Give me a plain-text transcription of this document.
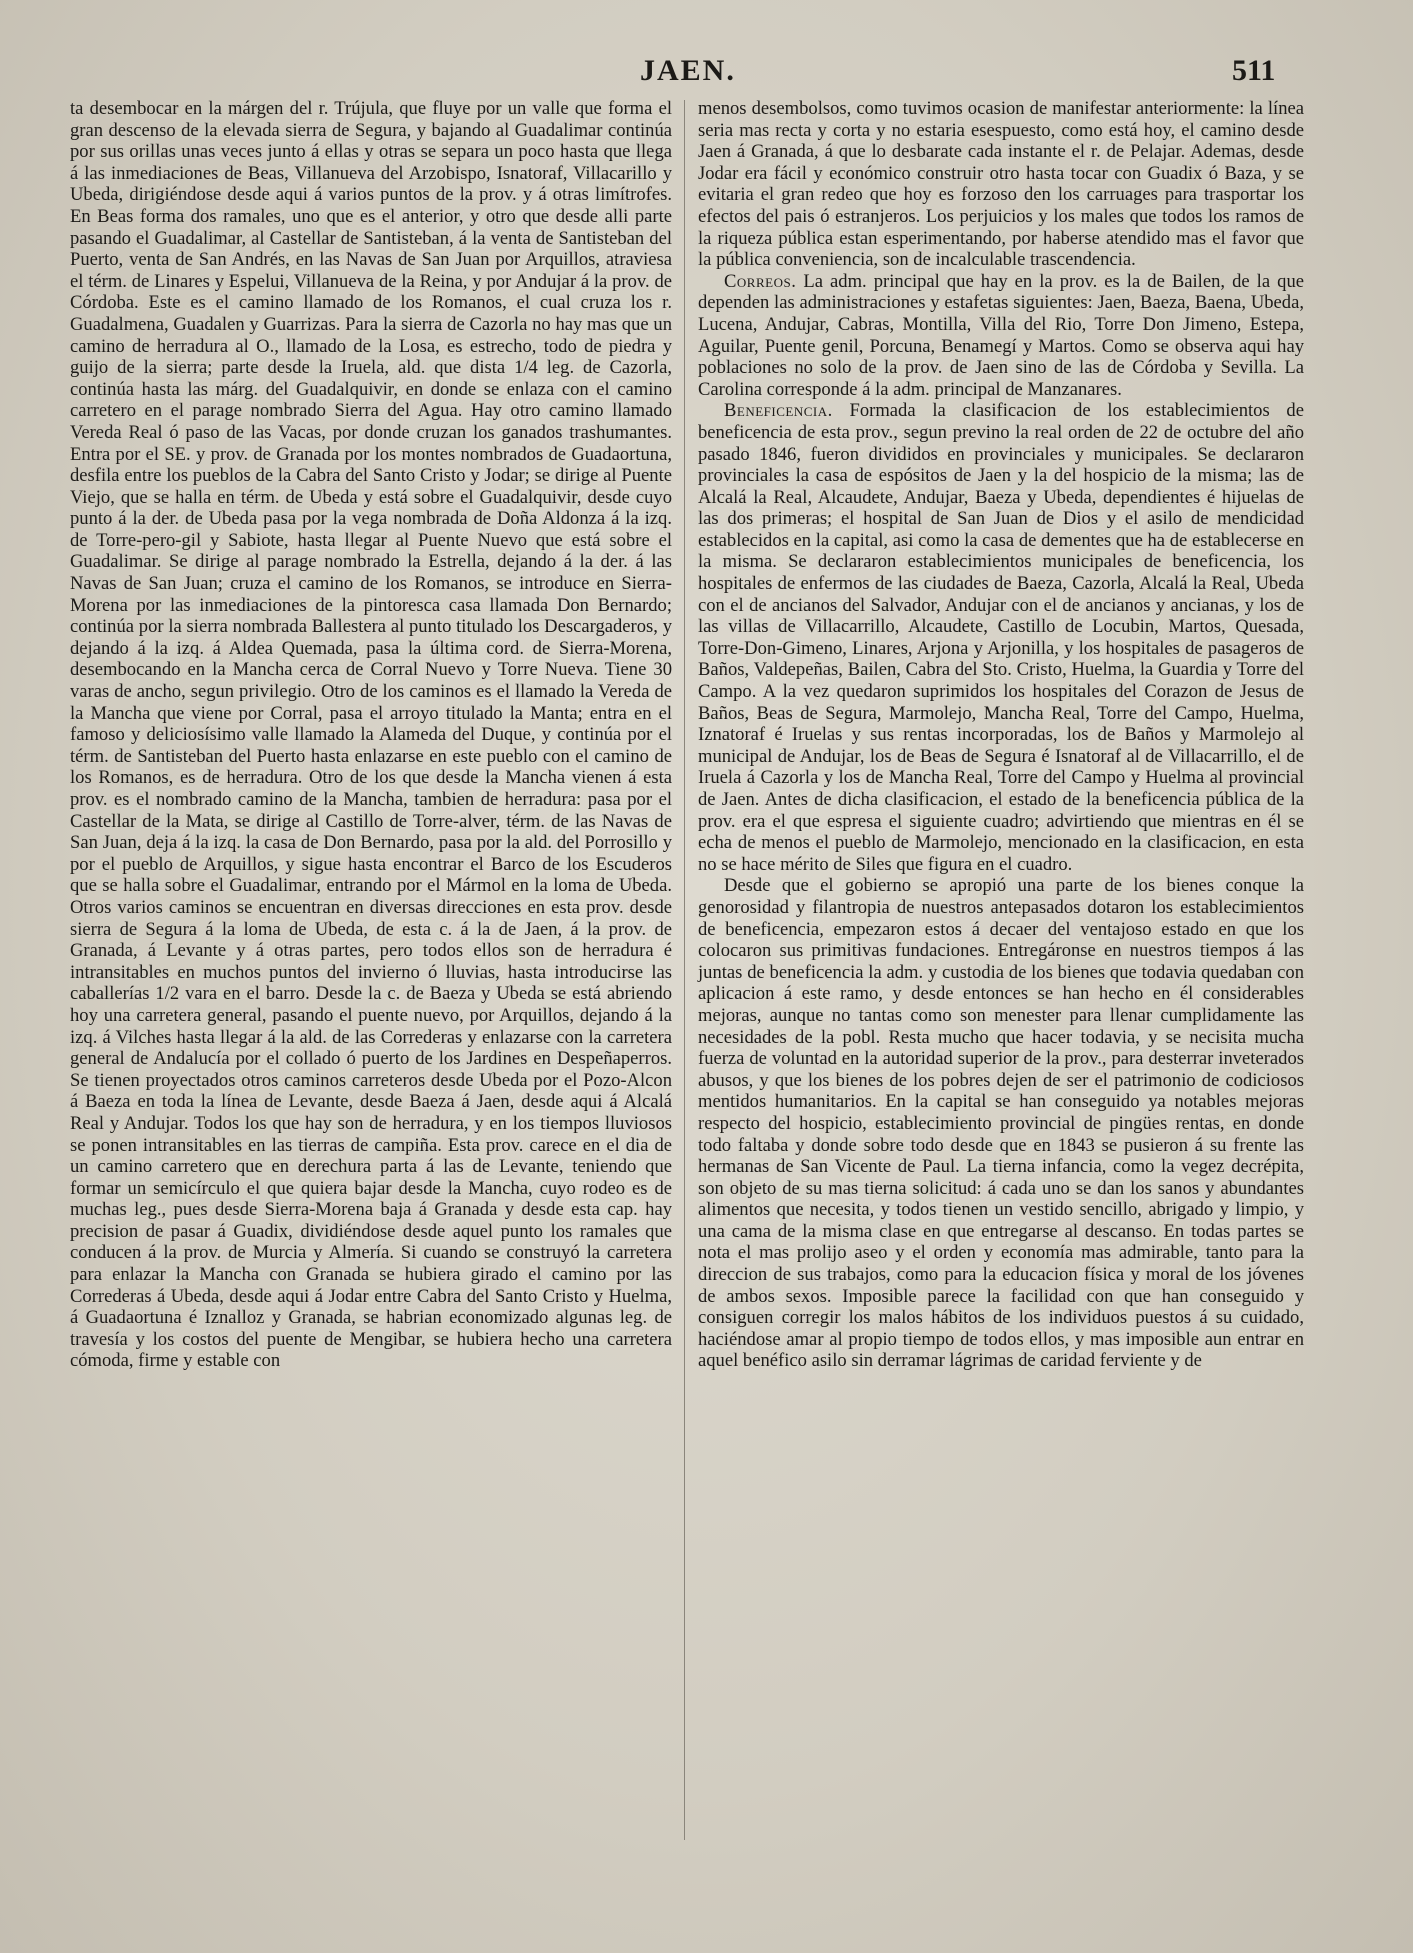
JAEN.	511

ta desembocar en la márgen del r. Trújula, que fluye por un valle que forma el gran descenso de la elevada sierra de Segura, y bajando al Guadalimar continúa por sus orillas unas veces junto á ellas y otras se separa un poco hasta que llega á las inmediaciones de Beas, Villanueva del Arzobispo, Isnatoraf, Villacarillo y Ubeda, dirigiéndose desde aqui á varios puntos de la prov. y á otras limítrofes. En Beas forma dos ramales, uno que es el anterior, y otro que desde alli parte pasando el Guadalimar, al Castellar de Santisteban, á la venta de Santisteban del Puerto, venta de San Andrés, en las Navas de San Juan por Arquillos, atraviesa el térm. de Linares y Espelui, Villanueva de la Reina, y por Andujar á la prov. de Córdoba. Este es el camino llamado de los Romanos, el cual cruza los r. Guadalmena, Guadalen y Guarrizas. Para la sierra de Cazorla no hay mas que un camino de herradura al O., llamado de la Losa, es estrecho, todo de piedra y guijo de la sierra; parte desde la Iruela, ald. que dista 1/4 leg. de Cazorla, continúa hasta las márg. del Guadalquivir, en donde se enlaza con el camino carretero en el parage nombrado Sierra del Agua. Hay otro camino llamado Vereda Real ó paso de las Vacas, por donde cruzan los ganados trashumantes. Entra por el SE. y prov. de Granada por los montes nombrados de Guadaortuna, desfila entre los pueblos de la Cabra del Santo Cristo y Jodar; se dirige al Puente Viejo, que se halla en térm. de Ubeda y está sobre el Guadalquivir, desde cuyo punto á la der. de Ubeda pasa por la vega nombrada de Doña Aldonza á la izq. de Torre-pero-gil y Sabiote, hasta llegar al Puente Nuevo que está sobre el Guadalimar. Se dirige al parage nombrado la Estrella, dejando á la der. á las Navas de San Juan; cruza el camino de los Romanos, se introduce en Sierra-Morena por las inmediaciones de la pintoresca casa llamada Don Bernardo; continúa por la sierra nombrada Ballestera al punto titulado los Descargaderos, y dejando á la izq. á Aldea Quemada, pasa la última cord. de Sierra-Morena, desembocando en la Mancha cerca de Corral Nuevo y Torre Nueva. Tiene 30 varas de ancho, segun privilegio. Otro de los caminos es el llamado la Vereda de la Mancha que viene por Corral, pasa el arroyo titulado la Manta; entra en el famoso y deliciosísimo valle llamado la Alameda del Duque, y continúa por el térm. de Santisteban del Puerto hasta enlazarse en este pueblo con el camino de los Romanos, es de herradura. Otro de los que desde la Mancha vienen á esta prov. es el nombrado camino de la Mancha, tambien de herradura: pasa por el Castellar de la Mata, se dirige al Castillo de Torre-alver, térm. de las Navas de San Juan, deja á la izq. la casa de Don Bernardo, pasa por la ald. del Porrosillo y por el pueblo de Arquillos, y sigue hasta encontrar el Barco de los Escuderos que se halla sobre el Guadalimar, entrando por el Mármol en la loma de Ubeda. Otros varios caminos se encuentran en diversas direcciones en esta prov. desde sierra de Segura á la loma de Ubeda, de esta c. á la de Jaen, á la prov. de Granada, á Levante y á otras partes, pero todos ellos son de herradura é intransitables en muchos puntos del invierno ó lluvias, hasta introducirse las caballerías 1/2 vara en el barro. Desde la c. de Baeza y Ubeda se está abriendo hoy una carretera general, pasando el puente nuevo, por Arquillos, dejando á la izq. á Vilches hasta llegar á la ald. de las Correderas y enlazarse con la carretera general de Andalucía por el collado ó puerto de los Jardines en Despeñaperros. Se tienen proyectados otros caminos carreteros desde Ubeda por el Pozo-Alcon á Baeza en toda la línea de Levante, desde Baeza á Jaen, desde aqui á Alcalá Real y Andujar. Todos los que hay son de herradura, y en los tiempos lluviosos se ponen intransitables en las tierras de campiña. Esta prov. carece en el dia de un camino carretero que en derechura parta á las de Levante, teniendo que formar un semicírculo el que quiera bajar desde la Mancha, cuyo rodeo es de muchas leg., pues desde Sierra-Morena baja á Granada y desde esta cap. hay precision de pasar á Guadix, dividiéndose desde aquel punto los ramales que conducen á la prov. de Murcia y Almería. Si cuando se construyó la carretera para enlazar la Mancha con Granada se hubiera girado el camino por las Correderas á Ubeda, desde aqui á Jodar entre Cabra del Santo Cristo y Huelma, á Guadaortuna é Iznalloz y Granada, se habrian economizado algunas leg. de travesía y los costos del puente de Mengibar, se hubiera hecho una carretera cómoda, firme y estable con

menos desembolsos, como tuvimos ocasion de manifestar anteriormente: la línea seria mas recta y corta y no estaria esespuesto, como está hoy, el camino desde Jaen á Granada, á que lo desbarate cada instante el r. de Pelajar. Ademas, desde Jodar era fácil y económico construir otro hasta tocar con Guadix ó Baza, y se evitaria el gran redeo que hoy es forzoso den los carruages para trasportar los efectos del pais ó estranjeros. Los perjuicios y los males que todos los ramos de la riqueza pública estan esperimentando, por haberse atendido mas el favor que la pública conveniencia, son de incalculable trascendencia.

Correos. La adm. principal que hay en la prov. es la de Bailen, de la que dependen las administraciones y estafetas siguientes: Jaen, Baeza, Baena, Ubeda, Lucena, Andujar, Cabras, Montilla, Villa del Rio, Torre Don Jimeno, Estepa, Aguilar, Puente genil, Porcuna, Benamegí y Martos. Como se observa aqui hay poblaciones no solo de la prov. de Jaen sino de las de Córdoba y Sevilla. La Carolina corresponde á la adm. principal de Manzanares.

Beneficencia. Formada la clasificacion de los establecimientos de beneficencia de esta prov., segun previno la real orden de 22 de octubre del año pasado 1846, fueron divididos en provinciales y municipales. Se declararon provinciales la casa de espósitos de Jaen y la del hospicio de la misma; las de Alcalá la Real, Alcaudete, Andujar, Baeza y Ubeda, dependientes é hijuelas de las dos primeras; el hospital de San Juan de Dios y el asilo de mendicidad establecidos en la capital, asi como la casa de dementes que ha de establecerse en la misma. Se declararon establecimientos municipales de beneficencia, los hospitales de enfermos de las ciudades de Baeza, Cazorla, Alcalá la Real, Ubeda con el de ancianos del Salvador, Andujar con el de ancianos y ancianas, y los de las villas de Villacarrillo, Alcaudete, Castillo de Locubin, Martos, Quesada, Torre-Don-Gimeno, Linares, Arjona y Arjonilla, y los hospitales de pasageros de Baños, Valdepeñas, Bailen, Cabra del Sto. Cristo, Huelma, la Guardia y Torre del Campo. A la vez quedaron suprimidos los hospitales del Corazon de Jesus de Baños, Beas de Segura, Marmolejo, Mancha Real, Torre del Campo, Huelma, Iznatoraf é Iruelas y sus rentas incorporadas, los de Baños y Marmolejo al municipal de Andujar, los de Beas de Segura é Isnatoraf al de Villacarrillo, el de Iruela á Cazorla y los de Mancha Real, Torre del Campo y Huelma al provincial de Jaen. Antes de dicha clasificacion, el estado de la beneficencia pública de la prov. era el que espresa el siguiente cuadro; advirtiendo que mientras en él se echa de menos el pueblo de Marmolejo, mencionado en la clasificacion, en esta no se hace mérito de Siles que figura en el cuadro.

Desde que el gobierno se apropió una parte de los bienes conque la genorosidad y filantropia de nuestros antepasados dotaron los establecimientos de beneficencia, empezaron estos á decaer del ventajoso estado en que los colocaron sus primitivas fundaciones. Entregáronse en nuestros tiempos á las juntas de beneficencia la adm. y custodia de los bienes que todavia quedaban con aplicacion á este ramo, y desde entonces se han hecho en él considerables mejoras, aunque no tantas como son menester para llenar cumplidamente las necesidades de la pobl. Resta mucho que hacer todavia, y se necisita mucha fuerza de voluntad en la autoridad superior de la prov., para desterrar inveterados abusos, y que los bienes de los pobres dejen de ser el patrimonio de codiciosos mentidos humanitarios. En la capital se han conseguido ya notables mejoras respecto del hospicio, establecimiento provincial de pingües rentas, en donde todo faltaba y donde sobre todo desde que en 1843 se pusieron á su frente las hermanas de San Vicente de Paul. La tierna infancia, como la vegez decrépita, son objeto de su mas tierna solicitud: á cada uno se dan los sanos y abundantes alimentos que necesita, y todos tienen un vestido sencillo, abrigado y limpio, y una cama de la misma clase en que entregarse al descanso. En todas partes se nota el mas prolijo aseo y el orden y economía mas admirable, tanto para la direccion de sus trabajos, como para la educacion física y moral de los jóvenes de ambos sexos. Imposible parece la facilidad con que han conseguido y consiguen corregir los malos hábitos de los individuos puestos á su cuidado, haciéndose amar al propio tiempo de todos ellos, y mas imposible aun entrar en aquel benéfico asilo sin derramar lágrimas de caridad ferviente y de
